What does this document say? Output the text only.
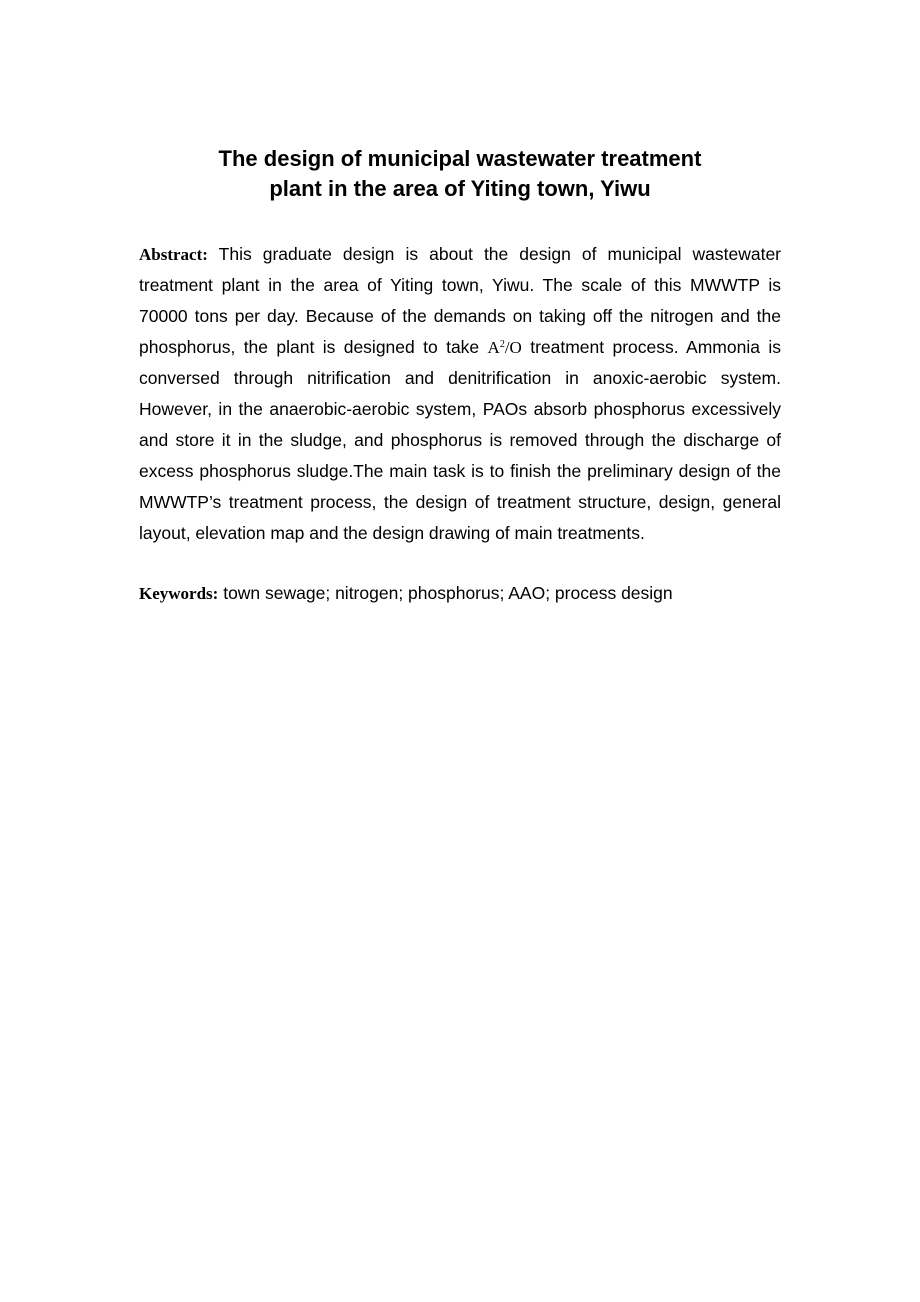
The design of municipal wastewater treatment
plant in the area of Yiting town, Yiwu

Abstract: This graduate design is about the design of municipal wastewater treatment plant in the area of Yiting town, Yiwu. The scale of this MWWTP is 70000 tons per day. Because of the demands on taking off the nitrogen and the phosphorus, the plant is designed to take $A^2/O$ treatment process. Ammonia is conversed through nitrification and denitrification in anoxic-aerobic system. However, in the anaerobic-aerobic system, PAOs absorb phosphorus excessively and store it in the sludge, and phosphorus is removed through the discharge of excess phosphorus sludge.The main task is to finish the preliminary design of the MWWTP’s treatment process, the design of treatment structure, design, general layout, elevation map and the design drawing of main treatments.

Keywords: town sewage; nitrogen; phosphorus; AAO; process design
